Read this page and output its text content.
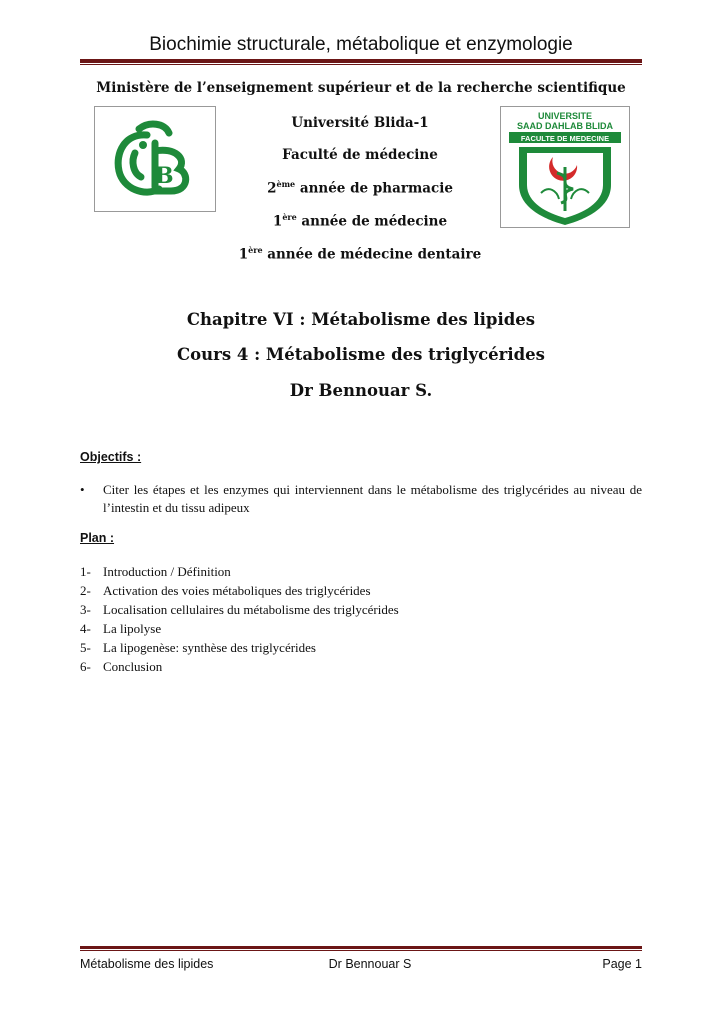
Biochimie structurale, métabolique et enzymologie
Ministère de l’enseignement supérieur et de la recherche scientifique
B
UNIVERSITE
SAAD DAHLAB BLIDA
FACULTE DE MEDECINE
Université Blida-1
Faculté de médecine
2ème année de pharmacie
1ère année de médecine
1ère année de médecine dentaire
Chapitre VI : Métabolisme des lipides
Cours 4 : Métabolisme des triglycérides
Dr Bennouar S.
Objectifs :
• Citer les étapes et les enzymes qui interviennent dans le métabolisme des triglycérides au niveau de l’intestin et du tissu adipeux
Plan :
1- Introduction / Définition
2- Activation des voies métaboliques des triglycérides
3- Localisation cellulaires du métabolisme des triglycérides
4- La lipolyse
5- La lipogenèse: synthèse des triglycérides
6- Conclusion
Métabolisme des lipides	Dr Bennouar S	Page 1
